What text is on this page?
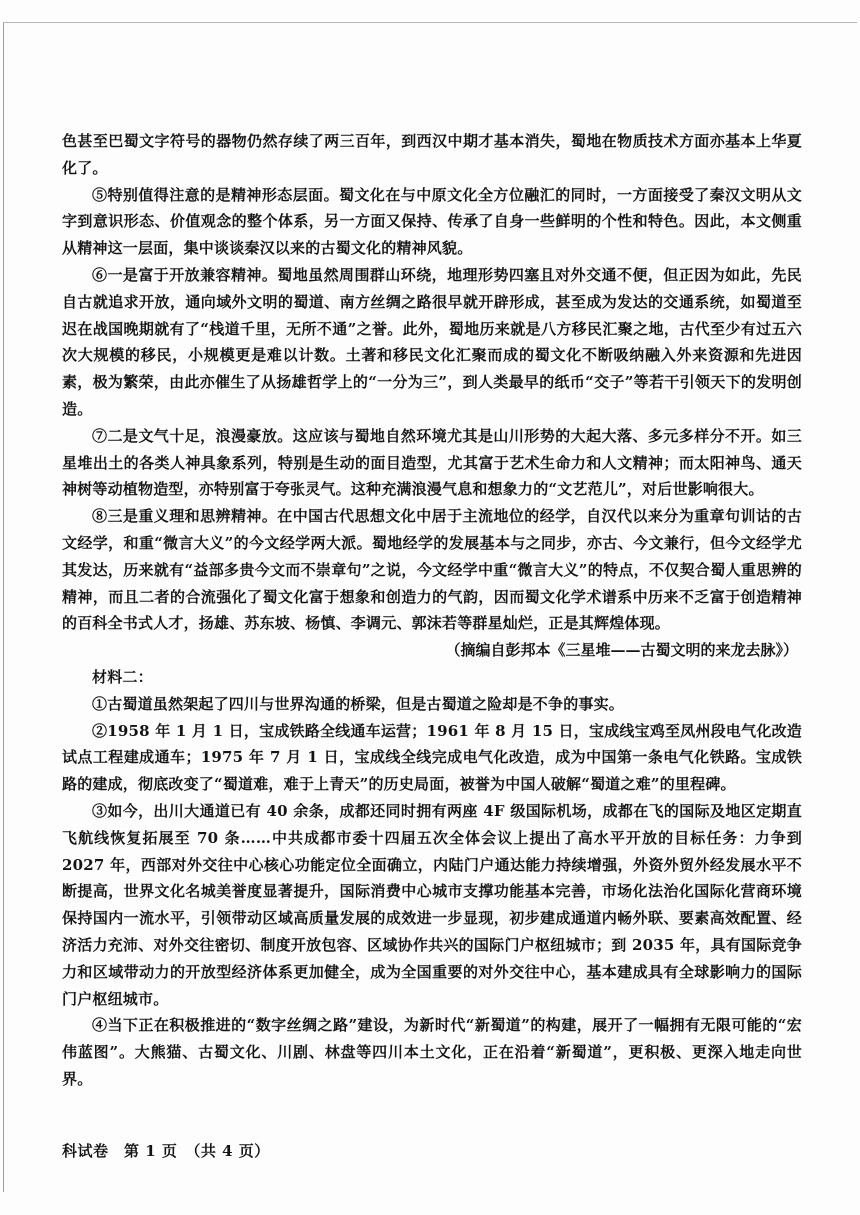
色甚至巴蜀文字符号的器物仍然存续了两三百年，到西汉中期才基本消失，蜀地在物质技术方面亦基本上华夏化了。

⑤特别值得注意的是精神形态层面。蜀文化在与中原文化全方位融汇的同时，一方面接受了秦汉文明从文字到意识形态、价值观念的整个体系，另一方面又保持、传承了自身一些鲜明的个性和特色。因此，本文侧重从精神这一层面，集中谈谈秦汉以来的古蜀文化的精神风貌。

⑥一是富于开放兼容精神。蜀地虽然周围群山环绕，地理形势四塞且对外交通不便，但正因为如此，先民自古就追求开放，通向域外文明的蜀道、南方丝绸之路很早就开辟形成，甚至成为发达的交通系统，如蜀道至迟在战国晚期就有了“栈道千里，无所不通”之誉。此外，蜀地历来就是八方移民汇聚之地，古代至少有过五六次大规模的移民，小规模更是难以计数。土著和移民文化汇聚而成的蜀文化不断吸纳融入外来资源和先进因素，极为繁荣，由此亦催生了从扬雄哲学上的“一分为三”，到人类最早的纸币“交子”等若干引领天下的发明创造。

⑦二是文气十足，浪漫豪放。这应该与蜀地自然环境尤其是山川形势的大起大落、多元多样分不开。如三星堆出土的各类人神具象系列，特别是生动的面目造型，尤其富于艺术生命力和人文精神；而太阳神鸟、通天神树等动植物造型，亦特别富于夸张灵气。这种充满浪漫气息和想象力的“文艺范儿”，对后世影响很大。

⑧三是重义理和思辨精神。在中国古代思想文化中居于主流地位的经学，自汉代以来分为重章句训诂的古文经学，和重“微言大义”的今文经学两大派。蜀地经学的发展基本与之同步，亦古、今文兼行，但今文经学尤其发达，历来就有“益部多贵今文而不崇章句”之说，今文经学中重“微言大义”的特点，不仅契合蜀人重思辨的精神，而且二者的合流强化了蜀文化富于想象和创造力的气韵，因而蜀文化学术谱系中历来不乏富于创造精神的百科全书式人才，扬雄、苏东坡、杨慎、李调元、郭沫若等群星灿烂，正是其辉煌体现。

（摘编自彭邦本《三星堆——古蜀文明的来龙去脉》）

材料二：

①古蜀道虽然架起了四川与世界沟通的桥梁，但是古蜀道之险却是不争的事实。

②1958 年 1 月 1 日，宝成铁路全线通车运营；1961 年 8 月 15 日，宝成线宝鸡至凤州段电气化改造试点工程建成通车；1975 年 7 月 1 日，宝成线全线完成电气化改造，成为中国第一条电气化铁路。宝成铁路的建成，彻底改变了“蜀道难，难于上青天”的历史局面，被誉为中国人破解“蜀道之难”的里程碑。

③如今，出川大通道已有 40 余条，成都还同时拥有两座 4F 级国际机场，成都在飞的国际及地区定期直飞航线恢复拓展至 70 条……中共成都市委十四届五次全体会议上提出了高水平开放的目标任务：力争到 2027 年，西部对外交往中心核心功能定位全面确立，内陆门户通达能力持续增强，外资外贸外经发展水平不断提高，世界文化名城美誉度显著提升，国际消费中心城市支撑功能基本完善，市场化法治化国际化营商环境保持国内一流水平，引领带动区域高质量发展的成效进一步显现，初步建成通道内畅外联、要素高效配置、经济活力充沛、对外交往密切、制度开放包容、区域协作共兴的国际门户枢纽城市；到 2035 年，具有国际竞争力和区域带动力的开放型经济体系更加健全，成为全国重要的对外交往中心，基本建成具有全球影响力的国际门户枢纽城市。

④当下正在积极推进的“数字丝绸之路”建设，为新时代“新蜀道”的构建，展开了一幅拥有无限可能的“宏伟蓝图”。大熊猫、古蜀文化、川剧、林盘等四川本土文化，正在沿着“新蜀道”，更积极、更深入地走向世界。

科试卷　第 1 页　（共 4 页）
